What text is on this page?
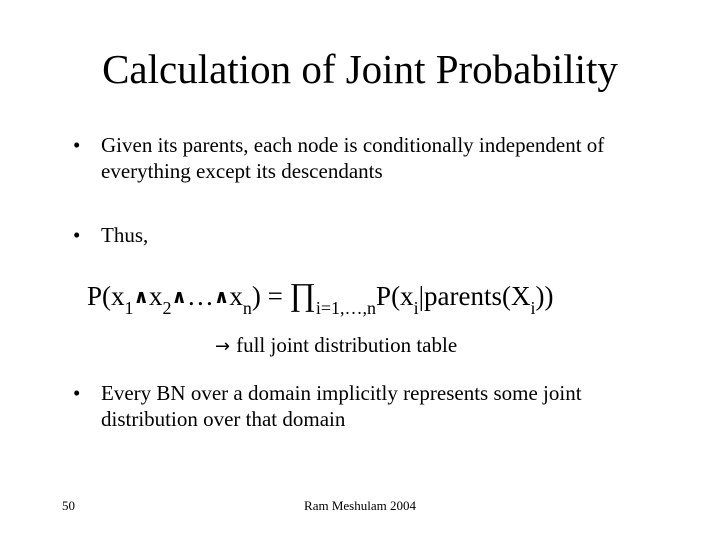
Calculation of Joint Probability
• Given its parents, each node is conditionally independent of everything except its descendants
• Thus,
$P(x_1\wedge x_2\wedge\dots\wedge x_n)$ = $\prod_{i=1,\dots,n}P(x_i|parents(X_i))$
→ full joint distribution table
• Every BN over a domain implicitly represents some joint distribution over that domain
50	Ram Meshulam 2004
